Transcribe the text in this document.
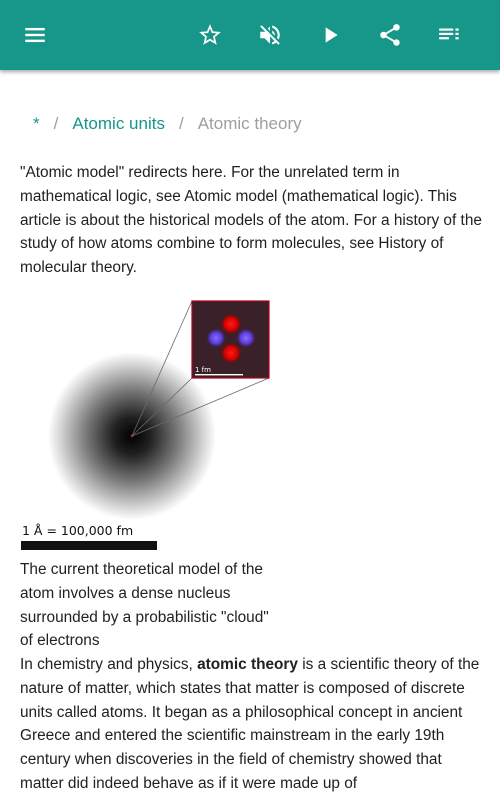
* / Atomic units / Atomic theory
"Atomic model" redirects here. For the unrelated term in mathematical logic, see Atomic model (mathematical logic). This article is about the historical models of the atom. For a history of the study of how atoms combine to form molecules, see History of molecular theory.
1 fm
1 Å = 100,000 fm
The current theoretical model of the atom involves a dense nucleus surrounded by a probabilistic "cloud" of electrons
In chemistry and physics, atomic theory is a scientific theory of the nature of matter, which states that matter is composed of discrete units called atoms. It began as a philosophical concept in ancient Greece and entered the scientific mainstream in the early 19th century when discoveries in the field of chemistry showed that matter did indeed behave as if it were made up of
